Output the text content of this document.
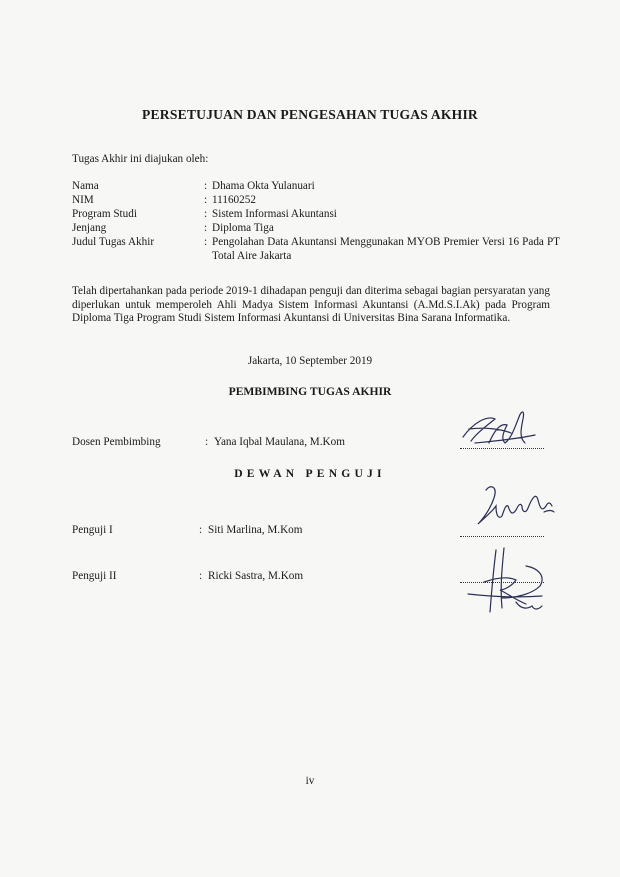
PERSETUJUAN DAN PENGESAHAN TUGAS AKHIR
Tugas Akhir ini diajukan oleh:
Nama	: Dhama Okta Yulanuari
NIM	: 11160252
Program Studi	: Sistem Informasi Akuntansi
Jenjang	: Diploma Tiga
Judul Tugas Akhir	: Pengolahan Data Akuntansi Menggunakan MYOB Premier Versi 16 Pada PT Total Aire Jakarta
Telah dipertahankan pada periode 2019-1 dihadapan penguji dan diterima sebagai bagian persyaratan yang diperlukan untuk memperoleh Ahli Madya Sistem Informasi Akuntansi (A.Md.S.I.Ak) pada Program Diploma Tiga Program Studi Sistem Informasi Akuntansi di Universitas Bina Sarana Informatika.
Jakarta, 10 September 2019
PEMBIMBING TUGAS AKHIR
Dosen Pembimbing	: Yana Iqbal Maulana, M.Kom
DEWAN PENGUJI
Penguji I	: Siti Marlina, M.Kom
Penguji II	: Ricki Sastra, M.Kom
iv
